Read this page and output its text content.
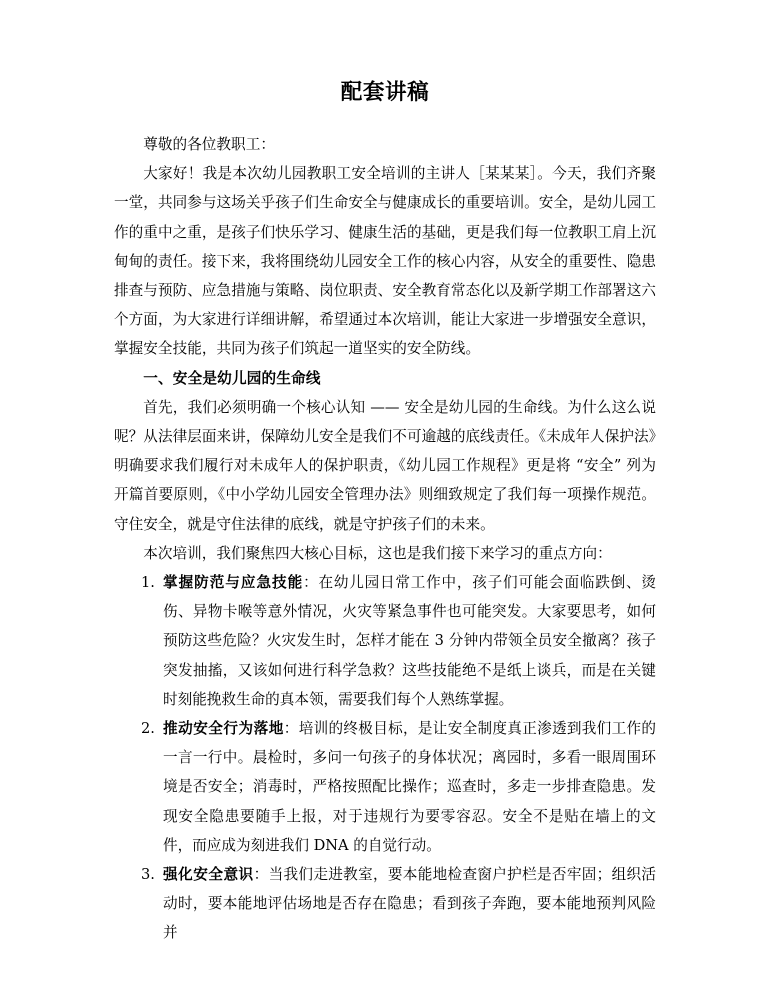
配套讲稿

尊敬的各位教职工：

大家好！我是本次幼儿园教职工安全培训的主讲人［某某某］。今天，我们齐聚一堂，共同参与这场关乎孩子们生命安全与健康成长的重要培训。安全，是幼儿园工作的重中之重，是孩子们快乐学习、健康生活的基础，更是我们每一位教职工肩上沉甸甸的责任。接下来，我将围绕幼儿园安全工作的核心内容，从安全的重要性、隐患排查与预防、应急措施与策略、岗位职责、安全教育常态化以及新学期工作部署这六个方面，为大家进行详细讲解，希望通过本次培训，能让大家进一步增强安全意识，掌握安全技能，共同为孩子们筑起一道坚实的安全防线。

一、安全是幼儿园的生命线

首先，我们必须明确一个核心认知 —— 安全是幼儿园的生命线。为什么这么说呢？从法律层面来讲，保障幼儿安全是我们不可逾越的底线责任。《未成年人保护法》明确要求我们履行对未成年人的保护职责，《幼儿园工作规程》更是将 “安全” 列为开篇首要原则，《中小学幼儿园安全管理办法》则细致规定了我们每一项操作规范。守住安全，就是守住法律的底线，就是守护孩子们的未来。

本次培训，我们聚焦四大核心目标，这也是我们接下来学习的重点方向：

1. 掌握防范与应急技能：在幼儿园日常工作中，孩子们可能会面临跌倒、烫伤、异物卡喉等意外情况，火灾等紧急事件也可能突发。大家要思考，如何预防这些危险？火灾发生时，怎样才能在 3 分钟内带领全员安全撤离？孩子突发抽搐，又该如何进行科学急救？这些技能绝不是纸上谈兵，而是在关键时刻能挽救生命的真本领，需要我们每个人熟练掌握。
2. 推动安全行为落地：培训的终极目标，是让安全制度真正渗透到我们工作的一言一行中。晨检时，多问一句孩子的身体状况；离园时，多看一眼周围环境是否安全；消毒时，严格按照配比操作；巡查时，多走一步排查隐患。发现安全隐患要随手上报，对于违规行为要零容忍。安全不是贴在墙上的文件，而应成为刻进我们 DNA 的自觉行动。
3. 强化安全意识：当我们走进教室，要本能地检查窗户护栏是否牢固；组织活动时，要本能地评估场地是否存在隐患；看到孩子奔跑，要本能地预判风险并
